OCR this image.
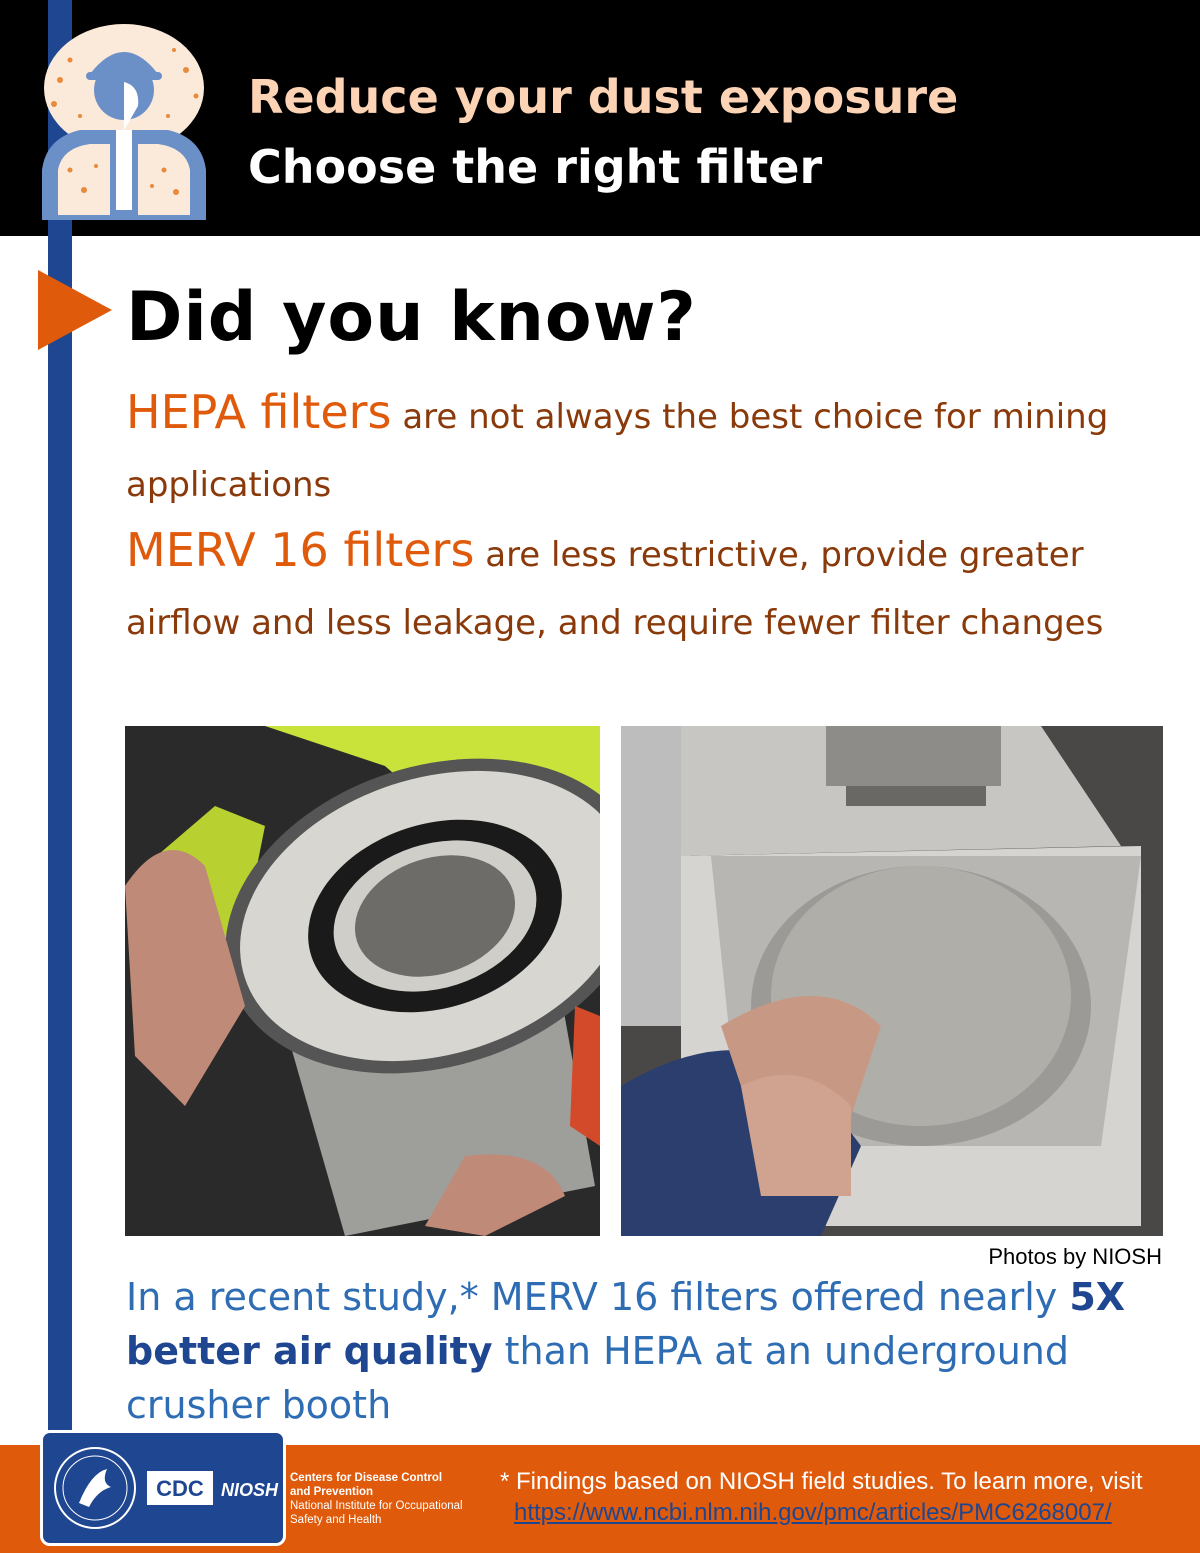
Reduce your dust exposure
Choose the right filter
Did you know?
HEPA filters are not always the best choice for mining applications
MERV 16 filters are less restrictive, provide greater airflow and less leakage, and require fewer filter changes
Photos by NIOSH
In a recent study,* MERV 16 filters offered nearly 5X better air quality than HEPA at an underground crusher booth
CDC NIOSH
Centers for Disease Control
and Prevention
National Institute for Occupational
Safety and Health
* Findings based on NIOSH field studies. To learn more, visit
https://www.ncbi.nlm.nih.gov/pmc/articles/PMC6268007/
